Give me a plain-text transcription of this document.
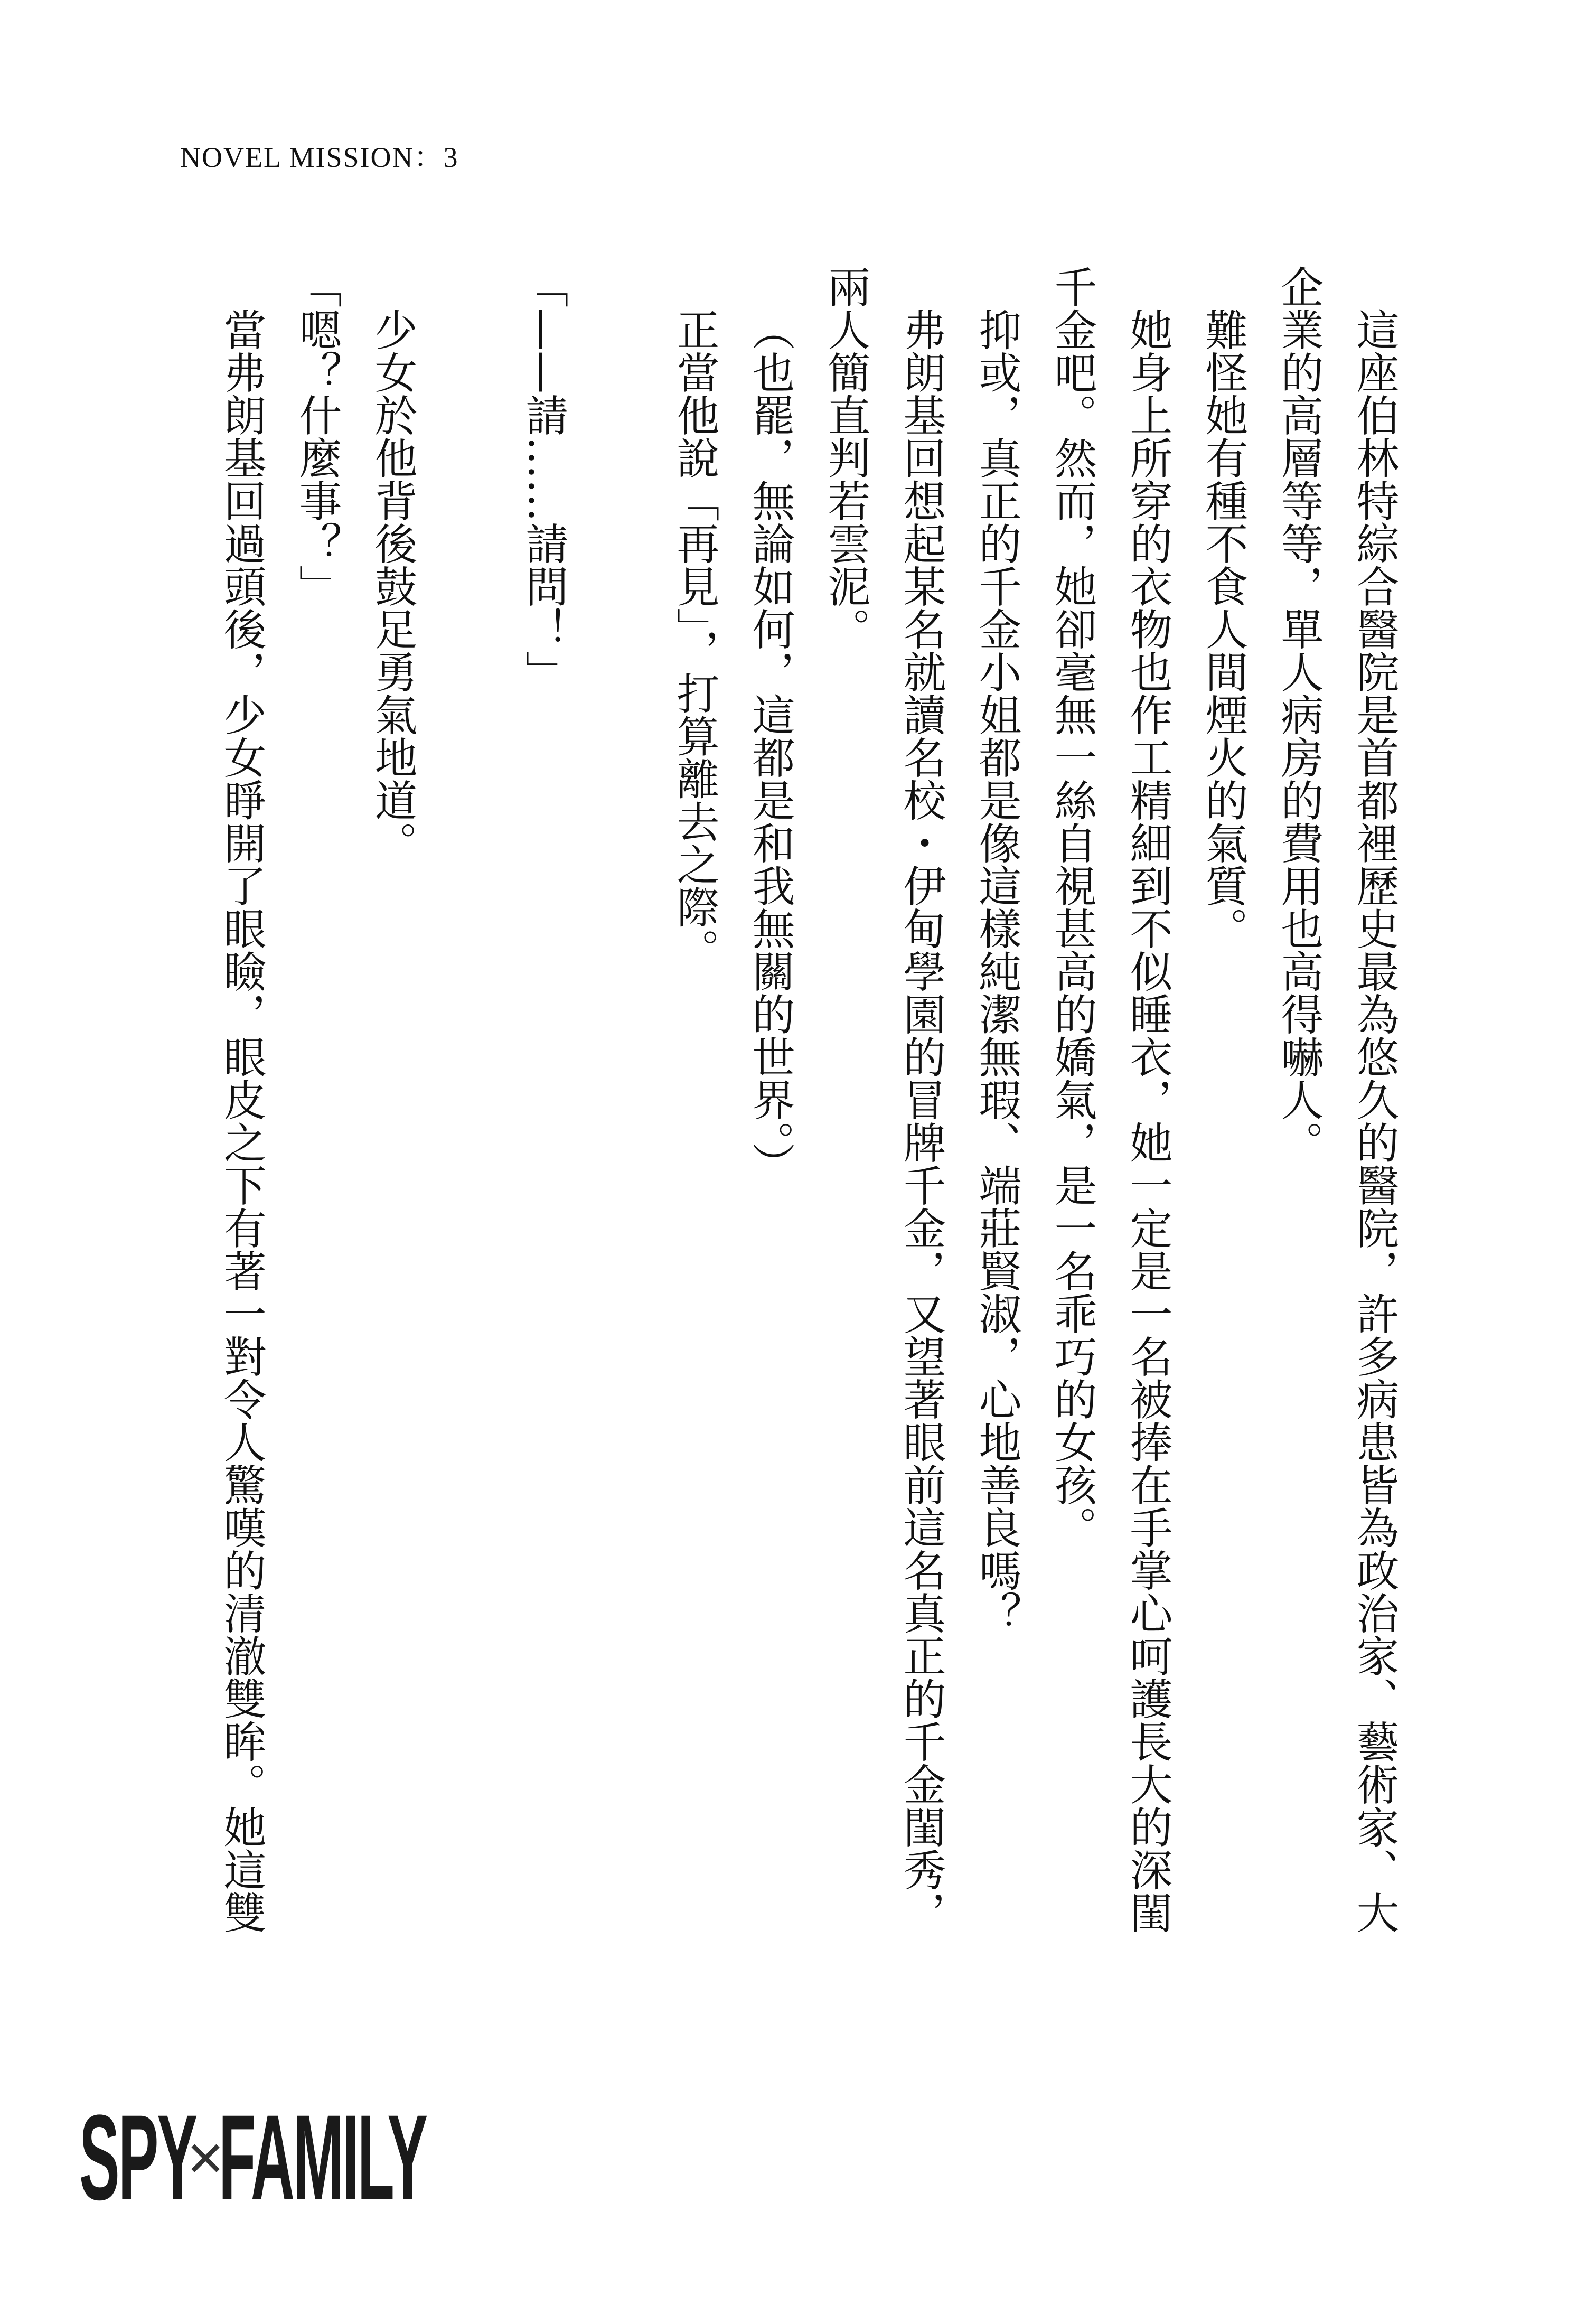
NOVEL MISSION：3
這座伯林特綜合醫院是首都裡歷史最為悠久的醫院，許多病患皆為政治家、藝術家、大
企業的高層等等，單人病房的費用也高得嚇人。
難怪她有種不食人間煙火的氣質。
她身上所穿的衣物也作工精細到不似睡衣，她一定是一名被捧在手掌心呵護長大的深閨
千金吧。然而，她卻毫無一絲自視甚高的嬌氣，是一名乖巧的女孩。
抑或，真正的千金小姐都是像這樣純潔無瑕、端莊賢淑，心地善良嗎？
弗朗基回想起某名就讀名校・伊甸學園的冒牌千金，又望著眼前這名真正的千金閨秀，
兩人簡直判若雲泥。
（也罷，無論如何，這都是和我無關的世界。）
正當他說「再見」，打算離去之際。
「——請……請問！」
少女於他背後鼓足勇氣地道。
「嗯？什麼事？」
當弗朗基回過頭後，少女睜開了眼瞼，眼皮之下有著一對令人驚嘆的清澈雙眸。她這雙
SPY
×
FAMILY
